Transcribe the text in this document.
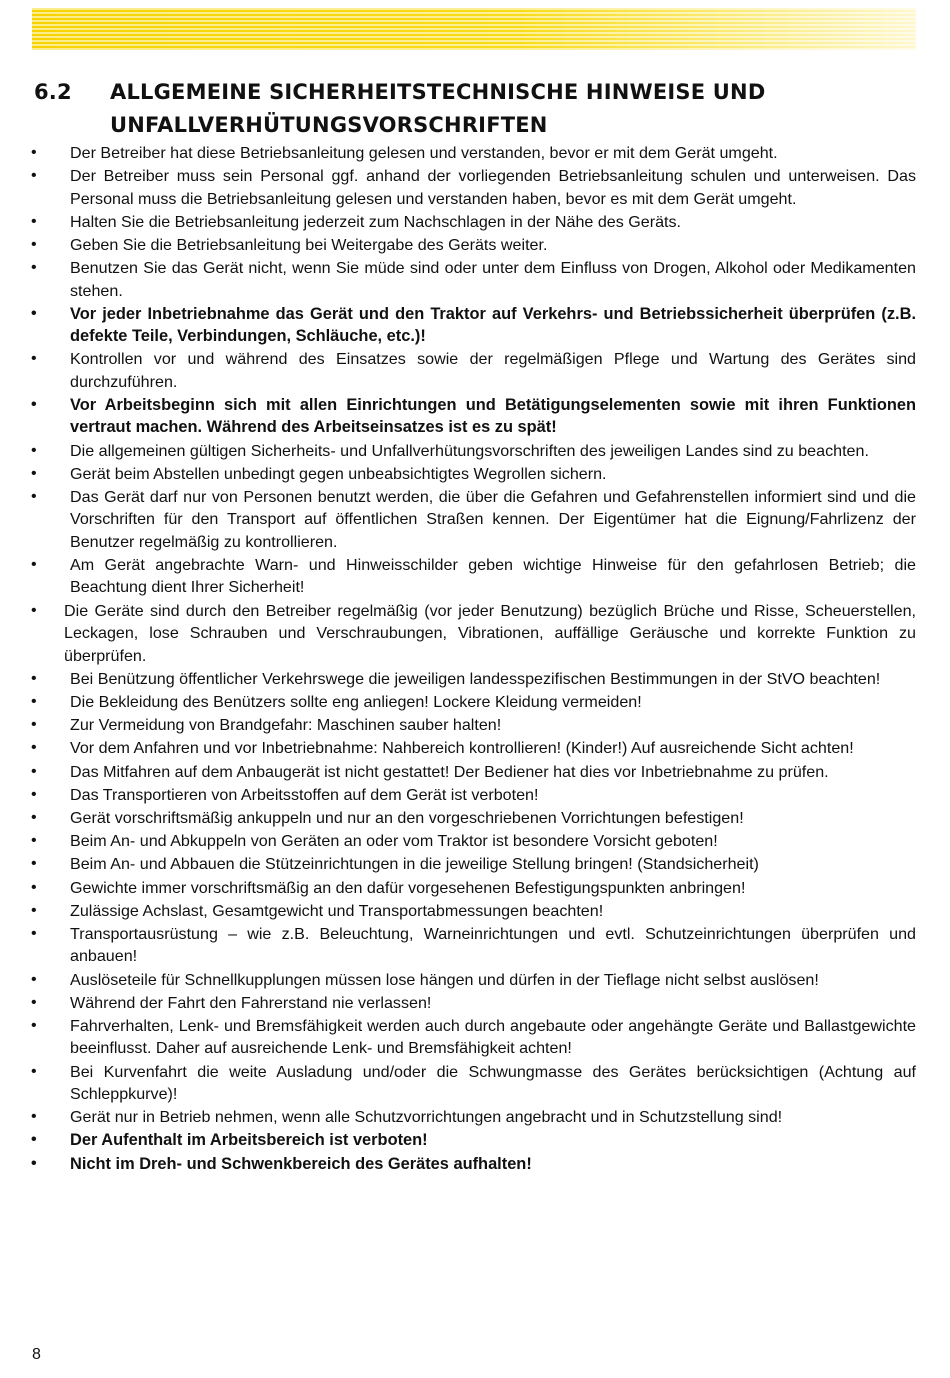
6.2	ALLGEMEINE SICHERHEITSTECHNISCHE HINWEISE UND
UNFALLVERHÜTUNGSVORSCHRIFTEN
• Der Betreiber hat diese Betriebsanleitung gelesen und verstanden, bevor er mit dem Gerät umgeht.
• Der Betreiber muss sein Personal ggf. anhand der vorliegenden Betriebsanleitung schulen und unterweisen. Das Personal muss die Betriebsanleitung gelesen und verstanden haben, bevor es mit dem Gerät umgeht.
• Halten Sie die Betriebsanleitung jederzeit zum Nachschlagen in der Nähe des Geräts.
• Geben Sie die Betriebsanleitung bei Weitergabe des Geräts weiter.
• Benutzen Sie das Gerät nicht, wenn Sie müde sind oder unter dem Einfluss von Drogen, Alkohol oder Medikamenten stehen.
• Vor jeder Inbetriebnahme das Gerät und den Traktor auf Verkehrs- und Betriebssicherheit überprüfen (z.B. defekte Teile, Verbindungen, Schläuche, etc.)!
• Kontrollen vor und während des Einsatzes sowie der regelmäßigen Pflege und Wartung des Gerätes sind durchzuführen.
• Vor Arbeitsbeginn sich mit allen Einrichtungen und Betätigungselementen sowie mit ihren Funktionen vertraut machen. Während des Arbeitseinsatzes ist es zu spät!
• Die allgemeinen gültigen Sicherheits- und Unfallverhütungsvorschriften des jeweiligen Landes sind zu beachten.
• Gerät beim Abstellen unbedingt gegen unbeabsichtigtes Wegrollen sichern.
• Das Gerät darf nur von Personen benutzt werden, die über die Gefahren und Gefahrenstellen informiert sind und die Vorschriften für den Transport auf öffentlichen Straßen kennen. Der Eigentümer hat die Eignung/Fahrlizenz der Benutzer regelmäßig zu kontrollieren.
• Am Gerät angebrachte Warn- und Hinweisschilder geben wichtige Hinweise für den gefahrlosen Betrieb; die Beachtung dient Ihrer Sicherheit!
• Die Geräte sind durch den Betreiber regelmäßig (vor jeder Benutzung) bezüglich Brüche und Risse, Scheuerstellen, Leckagen, lose Schrauben und Verschraubungen, Vibrationen, auffällige Geräusche und korrekte Funktion zu überprüfen.
• Bei Benützung öffentlicher Verkehrswege die jeweiligen landesspezifischen Bestimmungen in der StVO beachten!
• Die Bekleidung des Benützers sollte eng anliegen! Lockere Kleidung vermeiden!
• Zur Vermeidung von Brandgefahr: Maschinen sauber halten!
• Vor dem Anfahren und vor Inbetriebnahme: Nahbereich kontrollieren! (Kinder!) Auf ausreichende Sicht achten!
• Das Mitfahren auf dem Anbaugerät ist nicht gestattet! Der Bediener hat dies vor Inbetriebnahme zu prüfen.
• Das Transportieren von Arbeitsstoffen auf dem Gerät ist verboten!
• Gerät vorschriftsmäßig ankuppeln und nur an den vorgeschriebenen Vorrichtungen befestigen!
• Beim An- und Abkuppeln von Geräten an oder vom Traktor ist besondere Vorsicht geboten!
• Beim An- und Abbauen die Stützeinrichtungen in die jeweilige Stellung bringen! (Standsicherheit)
• Gewichte immer vorschriftsmäßig an den dafür vorgesehenen Befestigungspunkten anbringen!
• Zulässige Achslast, Gesamtgewicht und Transportabmessungen beachten!
• Transportausrüstung – wie z.B. Beleuchtung, Warneinrichtungen und evtl. Schutzeinrichtungen überprüfen und anbauen!
• Auslöseteile für Schnellkupplungen müssen lose hängen und dürfen in der Tieflage nicht selbst auslösen!
• Während der Fahrt den Fahrerstand nie verlassen!
• Fahrverhalten, Lenk- und Bremsfähigkeit werden auch durch angebaute oder angehängte Geräte und Ballastgewichte beeinflusst. Daher auf ausreichende Lenk- und Bremsfähigkeit achten!
• Bei Kurvenfahrt die weite Ausladung und/oder die Schwungmasse des Gerätes berücksichtigen (Achtung auf Schleppkurve)!
• Gerät nur in Betrieb nehmen, wenn alle Schutzvorrichtungen angebracht und in Schutzstellung sind!
• Der Aufenthalt im Arbeitsbereich ist verboten!
• Nicht im Dreh- und Schwenkbereich des Gerätes aufhalten!
8
